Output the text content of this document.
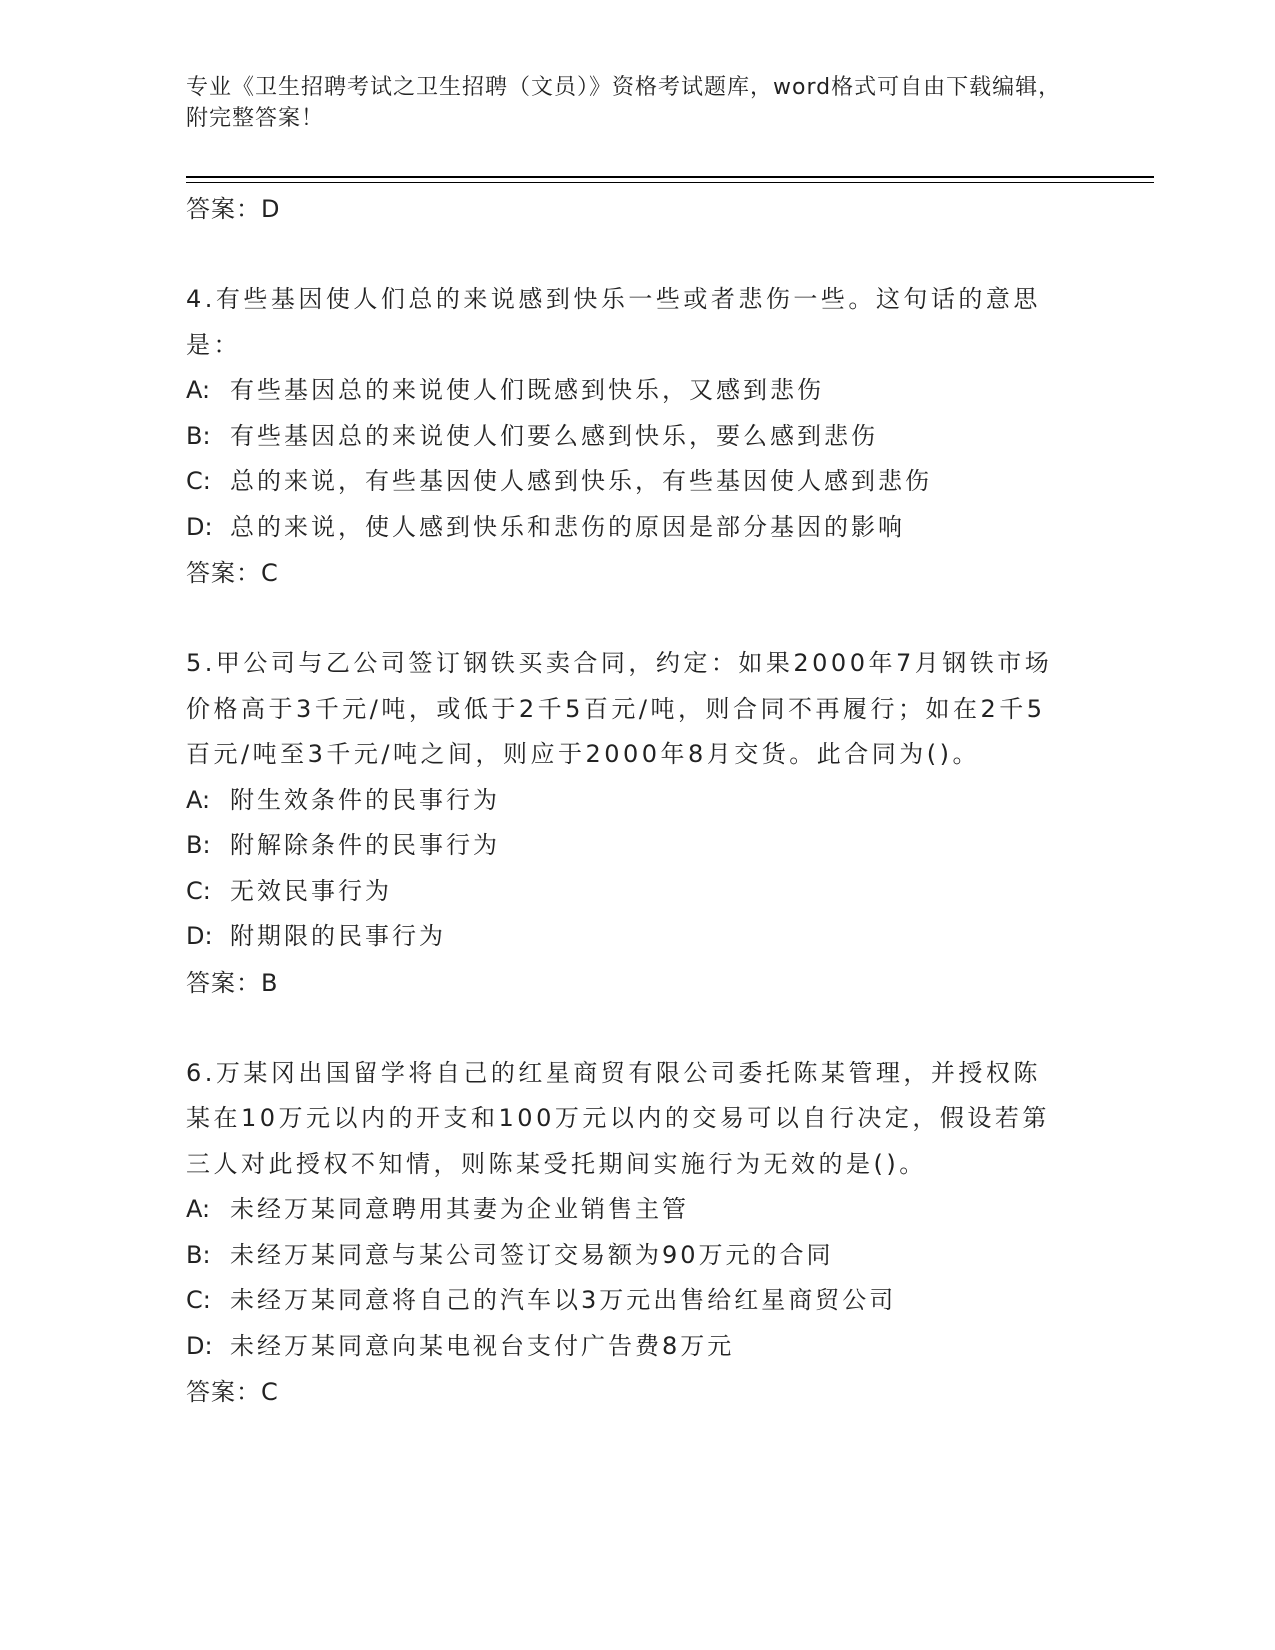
专业《卫生招聘考试之卫生招聘（文员）》资格考试题库，word格式可自由下载编辑，附完整答案！
答案：D
4.有些基因使人们总的来说感到快乐一些或者悲伤一些。这句话的意思是：
A: 有些基因总的来说使人们既感到快乐，又感到悲伤
B: 有些基因总的来说使人们要么感到快乐，要么感到悲伤
C: 总的来说，有些基因使人感到快乐，有些基因使人感到悲伤
D: 总的来说，使人感到快乐和悲伤的原因是部分基因的影响
答案：C
5.甲公司与乙公司签订钢铁买卖合同，约定：如果2000年7月钢铁市场价格高于3千元/吨，或低于2千5百元/吨，则合同不再履行；如在2千5百元/吨至3千元/吨之间，则应于2000年8月交货。此合同为()。
A: 附生效条件的民事行为
B: 附解除条件的民事行为
C: 无效民事行为
D: 附期限的民事行为
答案：B
6.万某冈出国留学将自己的红星商贸有限公司委托陈某管理，并授权陈某在10万元以内的开支和100万元以内的交易可以自行决定，假设若第三人对此授权不知情，则陈某受托期间实施行为无效的是()。
A: 未经万某同意聘用其妻为企业销售主管
B: 未经万某同意与某公司签订交易额为90万元的合同
C: 未经万某同意将自己的汽车以3万元出售给红星商贸公司
D: 未经万某同意向某电视台支付广告费8万元
答案：C
